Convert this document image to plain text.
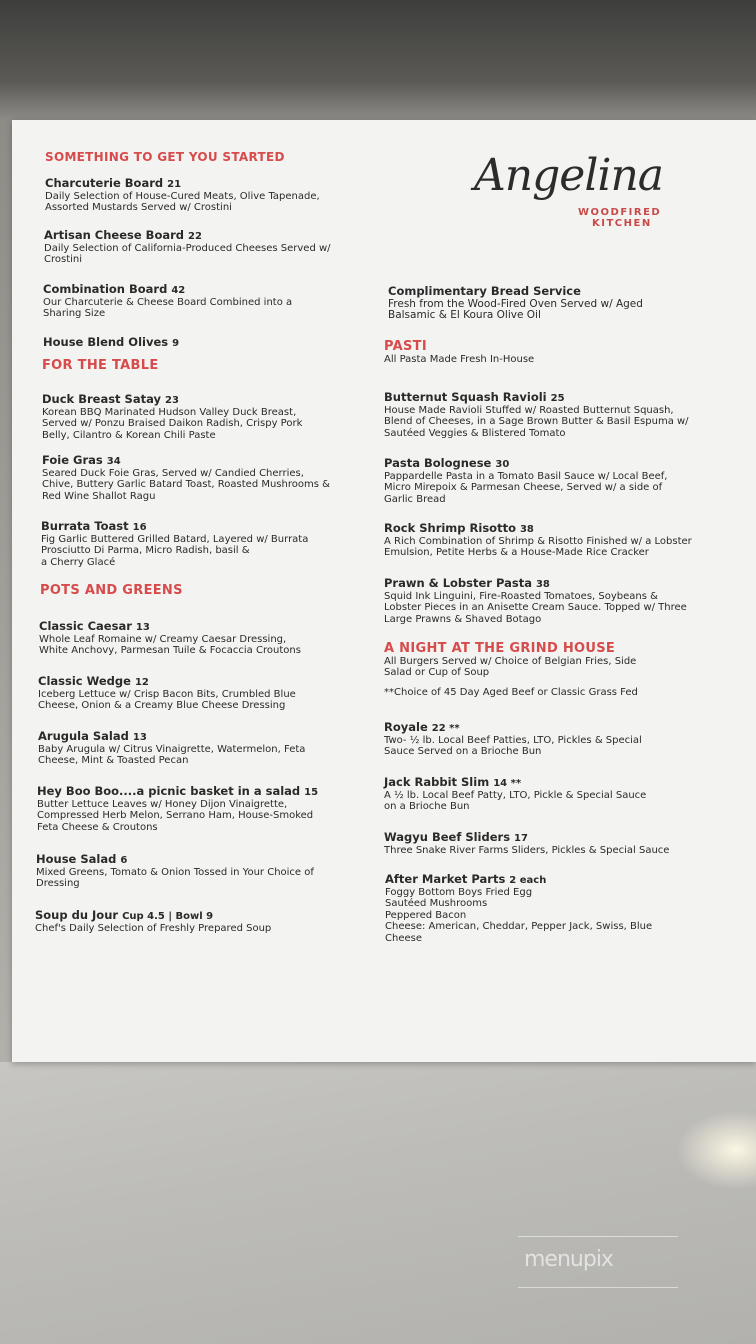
Angelina
WOODFIRED
KITCHEN
SOMETHING TO GET YOU STARTED
Charcuterie Board 21
Daily Selection of House-Cured Meats, Olive Tapenade,
Assorted Mustards Served w/ Crostini
Artisan Cheese Board 22
Daily Selection of California-Produced Cheeses Served w/
Crostini
Combination Board 42
Our Charcuterie & Cheese Board Combined into a
Sharing Size
House Blend Olives 9
FOR THE TABLE
Duck Breast Satay 23
Korean BBQ Marinated Hudson Valley Duck Breast,
Served w/ Ponzu Braised Daikon Radish, Crispy Pork
Belly, Cilantro & Korean Chili Paste
Foie Gras 34
Seared Duck Foie Gras, Served w/ Candied Cherries,
Chive, Buttery Garlic Batard Toast, Roasted Mushrooms &
Red Wine Shallot Ragu
Burrata Toast 16
Fig Garlic Buttered Grilled Batard, Layered w/ Burrata
Prosciutto Di Parma, Micro Radish, basil &
a Cherry Glacé
POTS AND GREENS
Classic Caesar 13
Whole Leaf Romaine w/ Creamy Caesar Dressing,
White Anchovy, Parmesan Tuile & Focaccia Croutons
Classic Wedge 12
Iceberg Lettuce w/ Crisp Bacon Bits, Crumbled Blue
Cheese, Onion & a Creamy Blue Cheese Dressing
Arugula Salad 13
Baby Arugula w/ Citrus Vinaigrette, Watermelon, Feta
Cheese, Mint & Toasted Pecan
Hey Boo Boo....a picnic basket in a salad 15
Butter Lettuce Leaves w/ Honey Dijon Vinaigrette,
Compressed Herb Melon, Serrano Ham, House-Smoked
Feta Cheese & Croutons
House Salad 6
Mixed Greens, Tomato & Onion Tossed in Your Choice of
Dressing
Soup du Jour Cup 4.5 | Bowl 9
Chef's Daily Selection of Freshly Prepared Soup
Complimentary Bread Service
Fresh from the Wood-Fired Oven Served w/ Aged
Balsamic & El Koura Olive Oil
PASTI
All Pasta Made Fresh In-House
Butternut Squash Ravioli 25
House Made Ravioli Stuffed w/ Roasted Butternut Squash,
Blend of Cheeses, in a Sage Brown Butter & Basil Espuma w/
Sautéed Veggies & Blistered Tomato
Pasta Bolognese 30
Pappardelle Pasta in a Tomato Basil Sauce w/ Local Beef,
Micro Mirepoix & Parmesan Cheese, Served w/ a side of
Garlic Bread
Rock Shrimp Risotto 38
A Rich Combination of Shrimp & Risotto Finished w/ a Lobster
Emulsion, Petite Herbs & a House-Made Rice Cracker
Prawn & Lobster Pasta 38
Squid Ink Linguini, Fire-Roasted Tomatoes, Soybeans &
Lobster Pieces in an Anisette Cream Sauce. Topped w/ Three
Large Prawns & Shaved Botago
A NIGHT AT THE GRIND HOUSE
All Burgers Served w/ Choice of Belgian Fries, Side
Salad or Cup of Soup
**Choice of 45 Day Aged Beef or Classic Grass Fed
Royale 22 **
Two- ½ lb. Local Beef Patties, LTO, Pickles & Special
Sauce Served on a Brioche Bun
Jack Rabbit Slim 14 **
A ½ lb. Local Beef Patty, LTO, Pickle & Special Sauce
on a Brioche Bun
Wagyu Beef Sliders 17
Three Snake River Farms Sliders, Pickles & Special Sauce
After Market Parts 2 each
Foggy Bottom Boys Fried Egg
Sautéed Mushrooms
Peppered Bacon
Cheese: American, Cheddar, Pepper Jack, Swiss, Blue
Cheese
menupix
